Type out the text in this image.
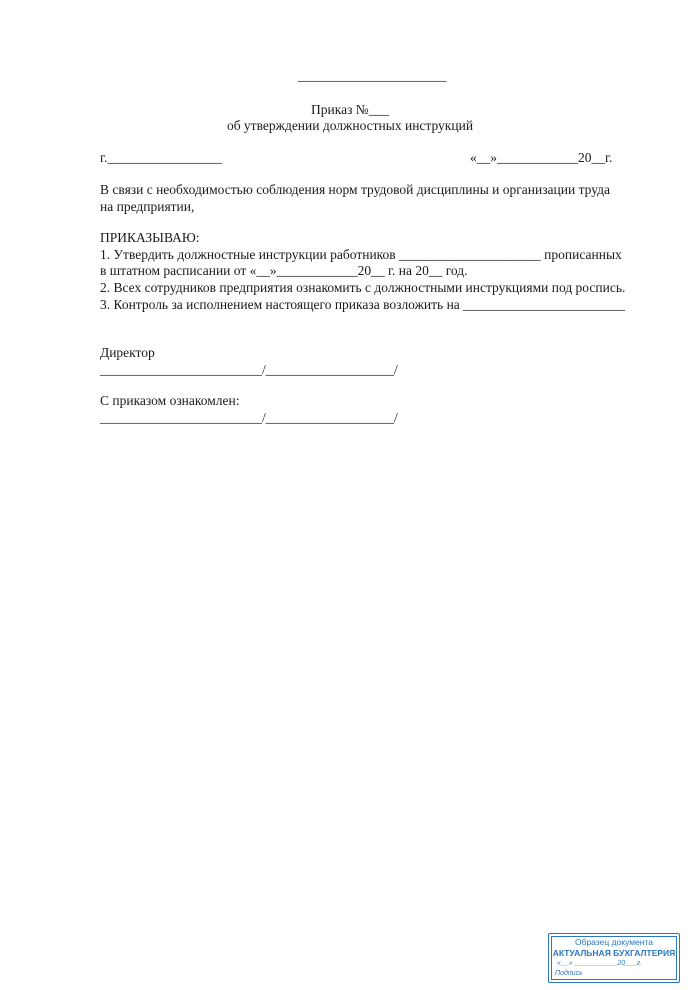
______________________
Приказ №___
об утверждении должностных инструкций
г._________________	«__»____________20__г.
В связи с необходимостью соблюдения норм трудовой дисциплины и организации труда
на предприятии,
ПРИКАЗЫВАЮ:
1. Утвердить должностные инструкции работников _____________________ прописанных
в штатном расписании от «__»____________20__ г. на 20__ год.
2. Всех сотрудников предприятия ознакомить с должностными инструкциями под роспись.
3. Контроль за исполнением настоящего приказа возложить на ________________________
Директор
________________________/___________________/
С приказом ознакомлен:
________________________/___________________/
Образец документа
АКТУАЛЬНАЯ БУХГАЛТЕРИЯ
«__» ___________20___г.
Подпись
